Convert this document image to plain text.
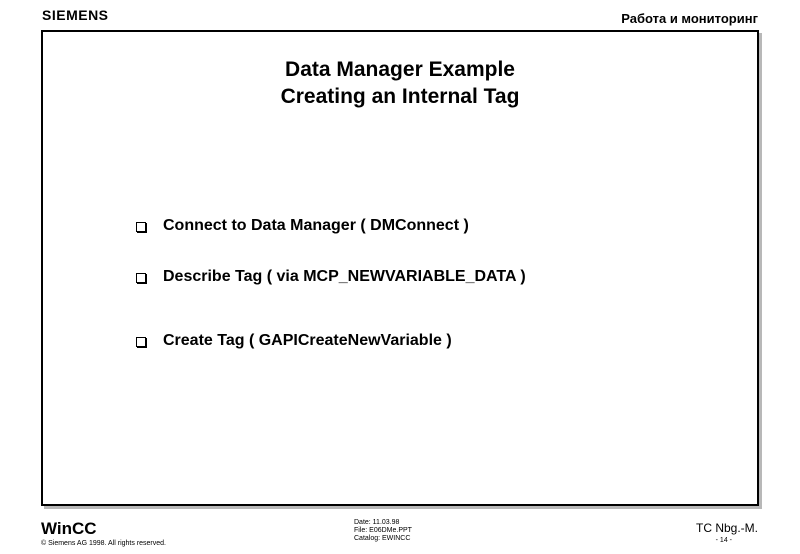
SIEMENS	Работа и мониторинг
Data Manager Example
Creating an Internal Tag
Connect to Data Manager ( DMConnect )
Describe Tag ( via MCP_NEWVARIABLE_DATA )
Create Tag ( GAPICreateNewVariable )
WinCC
© Siemens AG 1998. All rights reserved.
Date: 11.03.98
File: E06DMe.PPT
Catalog: EWINCC
TC Nbg.-M.
- 14 -
